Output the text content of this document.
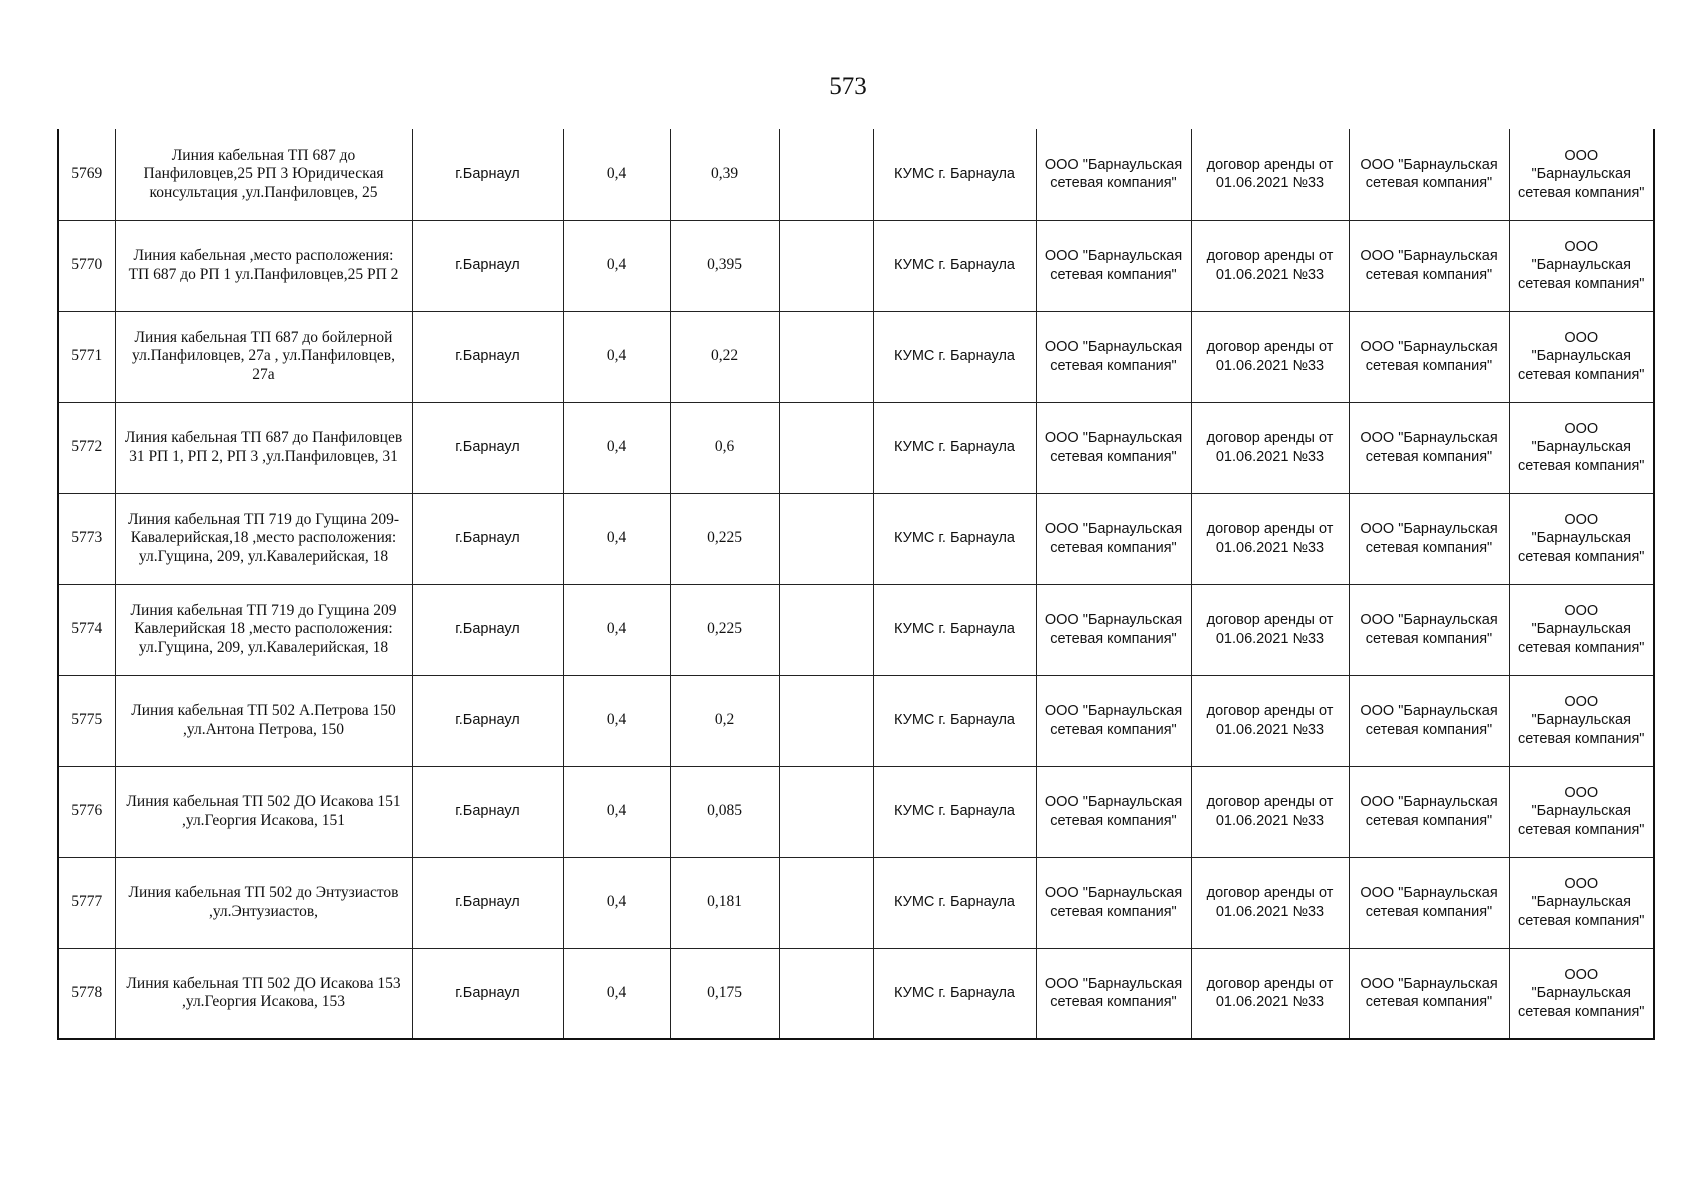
573
5769	Линия кабельная ТП 687 до Панфиловцев,25 РП 3 Юридическая консультация ,ул.Панфиловцев, 25	г.Барнаул	0,4	0,39		КУМС г. Барнаула	ООО "Барнаульская сетевая компания"	договор аренды от 01.06.2021 №33	ООО "Барнаульская сетевая компания"	ООО "Барнаульская сетевая компания"
5770	Линия кабельная ,место расположения: ТП 687 до РП 1 ул.Панфиловцев,25 РП 2	г.Барнаул	0,4	0,395		КУМС г. Барнаула	ООО "Барнаульская сетевая компания"	договор аренды от 01.06.2021 №33	ООО "Барнаульская сетевая компания"	ООО "Барнаульская сетевая компания"
5771	Линия кабельная ТП 687 до бойлерной ул.Панфиловцев, 27а , ул.Панфиловцев, 27а	г.Барнаул	0,4	0,22		КУМС г. Барнаула	ООО "Барнаульская сетевая компания"	договор аренды от 01.06.2021 №33	ООО "Барнаульская сетевая компания"	ООО "Барнаульская сетевая компания"
5772	Линия кабельная ТП 687 до Панфиловцев 31 РП 1, РП 2, РП 3 ,ул.Панфиловцев, 31	г.Барнаул	0,4	0,6		КУМС г. Барнаула	ООО "Барнаульская сетевая компания"	договор аренды от 01.06.2021 №33	ООО "Барнаульская сетевая компания"	ООО "Барнаульская сетевая компания"
5773	Линия кабельная ТП 719 до Гущина 209- Кавалерийская,18 ,место расположения: ул.Гущина, 209, ул.Кавалерийская, 18	г.Барнаул	0,4	0,225		КУМС г. Барнаула	ООО "Барнаульская сетевая компания"	договор аренды от 01.06.2021 №33	ООО "Барнаульская сетевая компания"	ООО "Барнаульская сетевая компания"
5774	Линия кабельная ТП 719 до Гущина 209 Кавлерийская 18 ,место расположения: ул.Гущина, 209, ул.Кавалерийская, 18	г.Барнаул	0,4	0,225		КУМС г. Барнаула	ООО "Барнаульская сетевая компания"	договор аренды от 01.06.2021 №33	ООО "Барнаульская сетевая компания"	ООО "Барнаульская сетевая компания"
5775	Линия кабельная ТП 502 А.Петрова 150 ,ул.Антона Петрова, 150	г.Барнаул	0,4	0,2		КУМС г. Барнаула	ООО "Барнаульская сетевая компания"	договор аренды от 01.06.2021 №33	ООО "Барнаульская сетевая компания"	ООО "Барнаульская сетевая компания"
5776	Линия кабельная ТП 502 ДО Исакова 151 ,ул.Георгия Исакова, 151	г.Барнаул	0,4	0,085		КУМС г. Барнаула	ООО "Барнаульская сетевая компания"	договор аренды от 01.06.2021 №33	ООО "Барнаульская сетевая компания"	ООО "Барнаульская сетевая компания"
5777	Линия кабельная ТП 502 до Энтузиастов ,ул.Энтузиастов,	г.Барнаул	0,4	0,181		КУМС г. Барнаула	ООО "Барнаульская сетевая компания"	договор аренды от 01.06.2021 №33	ООО "Барнаульская сетевая компания"	ООО "Барнаульская сетевая компания"
5778	Линия кабельная ТП 502 ДО Исакова 153 ,ул.Георгия Исакова, 153	г.Барнаул	0,4	0,175		КУМС г. Барнаула	ООО "Барнаульская сетевая компания"	договор аренды от 01.06.2021 №33	ООО "Барнаульская сетевая компания"	ООО "Барнаульская сетевая компания"
